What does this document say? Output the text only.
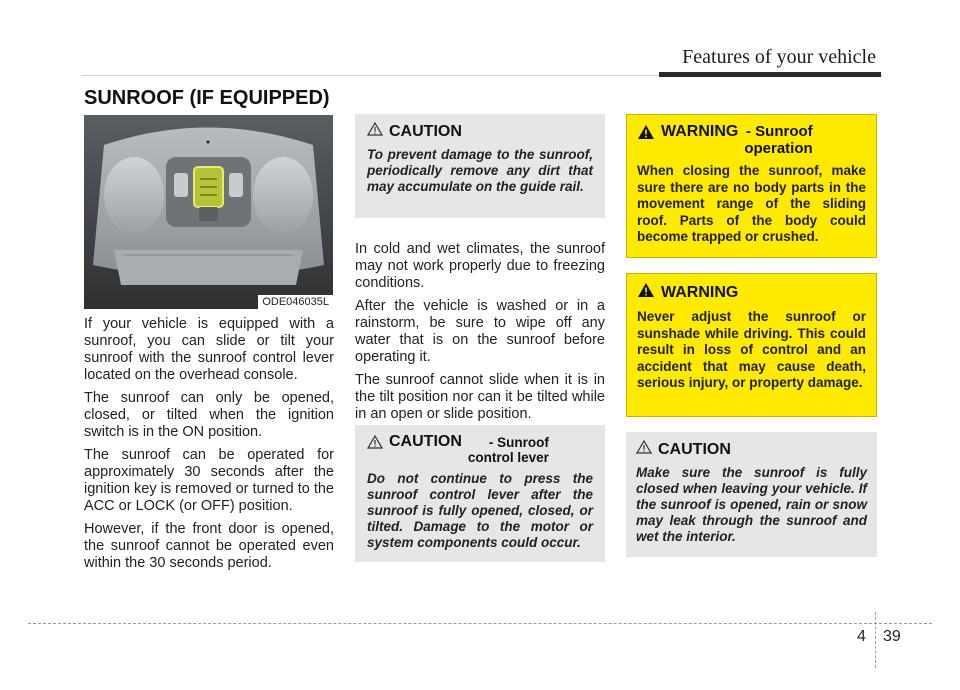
Features of your vehicle
SUNROOF (IF EQUIPPED)
ODE046035L

If your vehicle is equipped with a sunroof, you can slide or tilt your sunroof with the sunroof control lever located on the overhead console.

The sunroof can only be opened, closed, or tilted when the ignition switch is in the ON position.

The sunroof can be operated for approximately 30 seconds after the ignition key is removed or turned to the ACC or LOCK (or OFF) position.

However, if the front door is opened, the sunroof cannot be operated even within the 30 seconds period.

CAUTION
To prevent damage to the sunroof, periodically remove any dirt that may accumulate on the guide rail.

In cold and wet climates, the sunroof may not work properly due to freezing conditions.

After the vehicle is washed or in a rainstorm, be sure to wipe off any water that is on the sunroof before operating it.

The sunroof cannot slide when it is in the tilt position nor can it be tilted while in an open or slide position.

CAUTION - Sunroof
control lever
Do not continue to press the sunroof control lever after the sunroof is fully opened, closed, or tilted. Damage to the motor or system components could occur.
WARNING - Sunroof
operation
When closing the sunroof, make sure there are no body parts in the movement range of the sliding roof. Parts of the body could become trapped or crushed.
WARNING
Never adjust the sunroof or sunshade while driving. This could result in loss of control and an accident that may cause death, serious injury, or property damage.
CAUTION
Make sure the sunroof is fully closed when leaving your vehicle. If the sunroof is opened, rain or snow may leak through the sunroof and wet the interior.
4 39
